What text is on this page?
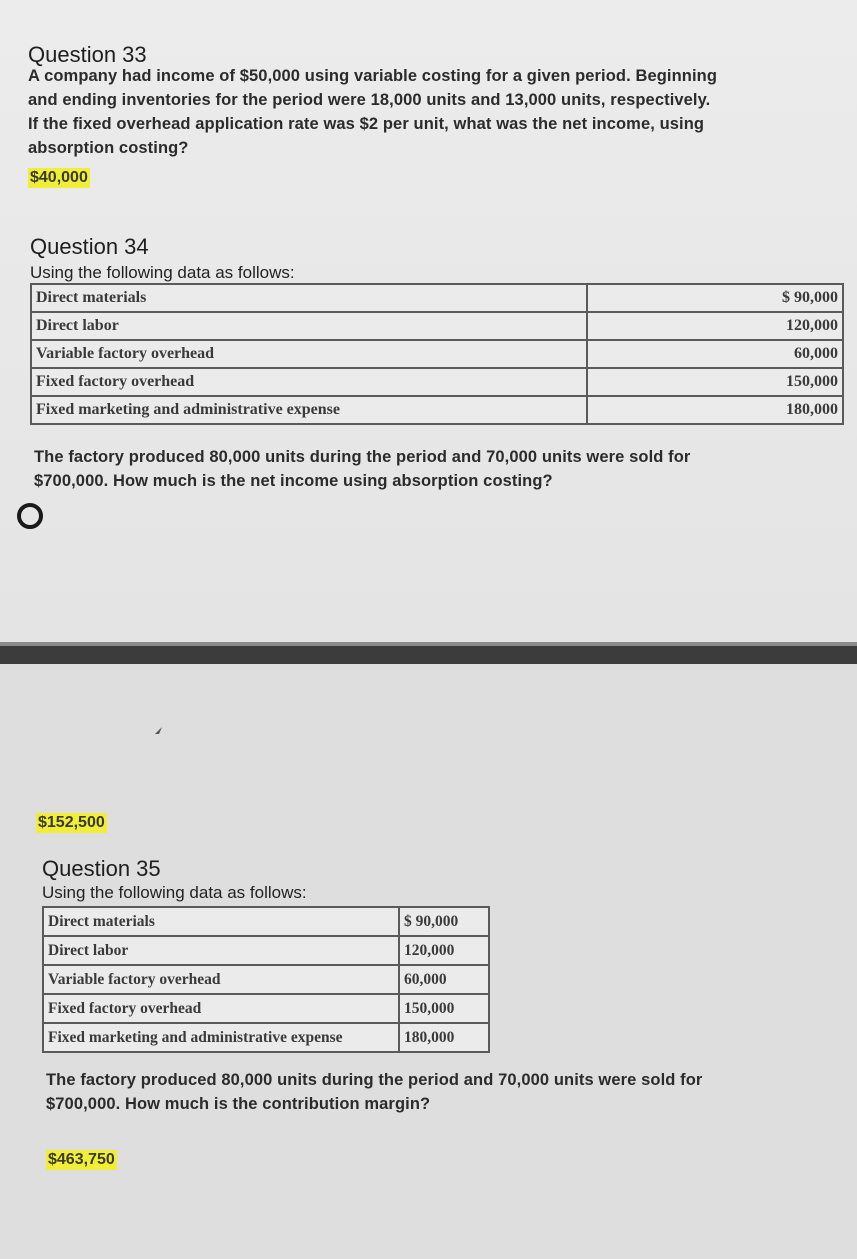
Question 33
A company had income of $50,000 using variable costing for a given period. Beginning
and ending inventories for the period were 18,000 units and 13,000 units, respectively.
If the fixed overhead application rate was $2 per unit, what was the net income, using
absorption costing?
$40,000
Question 34
Using the following data as follows:
Direct materials	$ 90,000
Direct labor	120,000
Variable factory overhead	60,000
Fixed factory overhead	150,000
Fixed marketing and administrative expense	180,000
The factory produced 80,000 units during the period and 70,000 units were sold for
$700,000. How much is the net income using absorption costing?
$152,500
Question 35
Using the following data as follows:
Direct materials	$ 90,000
Direct labor	120,000
Variable factory overhead	60,000
Fixed factory overhead	150,000
Fixed marketing and administrative expense	180,000
The factory produced 80,000 units during the period and 70,000 units were sold for
$700,000. How much is the contribution margin?
$463,750
